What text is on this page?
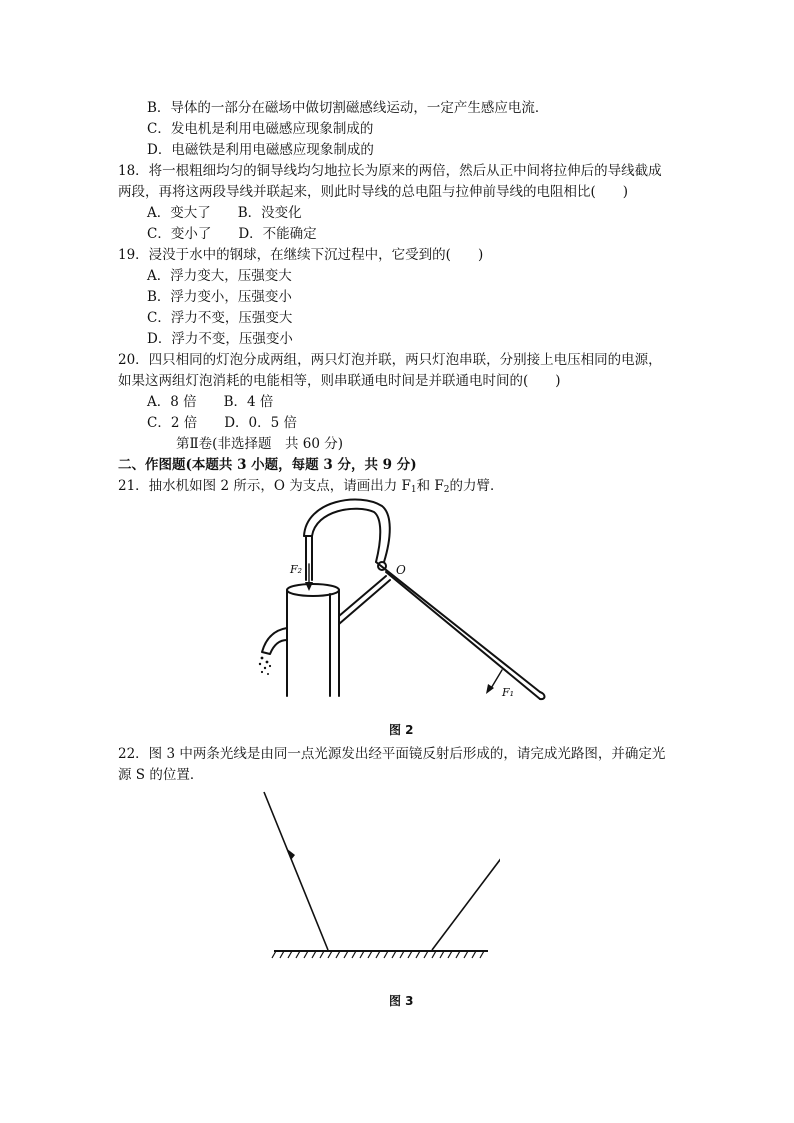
B．导体的一部分在磁场中做切割磁感线运动，一定产生感应电流．
C．发电机是利用电磁感应现象制成的
D．电磁铁是利用电磁感应现象制成的
18．将一根粗细均匀的铜导线均匀地拉长为原来的两倍，然后从正中间将拉伸后的导线截成
两段，再将这两段导线并联起来，则此时导线的总电阻与拉伸前导线的电阻相比(　　)
A．变大了　　B．没变化
C．变小了　　D．不能确定
19．浸没于水中的钢球，在继续下沉过程中，它受到的(　　)
A．浮力变大，压强变大
B．浮力变小，压强变小
C．浮力不变，压强变大
D．浮力不变，压强变小
20．四只相同的灯泡分成两组，两只灯泡并联，两只灯泡串联，分别接上电压相同的电源，
如果这两组灯泡消耗的电能相等，则串联通电时间是并联通电时间的(　　)
A．8 倍　　B．4 倍
C．2 倍　　D．0．5 倍
第Ⅱ卷(非选择题　共 60 分)
二、作图题(本题共 3 小题，每题 3 分，共 9 分)
21．抽水机如图 2 所示，O 为支点，请画出力 $F_1$和 $F_2$的力臂．
F₂	O
F₁
图 2
22．图 3 中两条光线是由同一点光源发出经平面镜反射后形成的，请完成光路图，并确定光
源 S 的位置．
图 3
